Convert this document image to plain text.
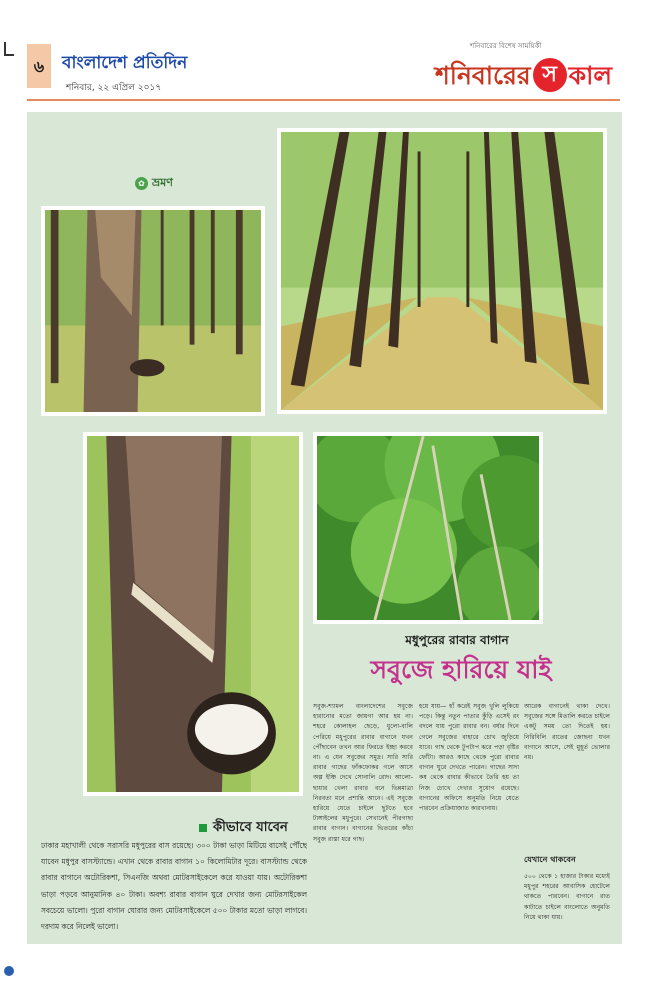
৬	বাংলাদেশ প্রতিদিন
শনিবার, ২২ এপ্রিল ২০১৭
শনিবারের বিশেষ সাময়িকী
শনিবারের স কাল
✿ ভ্রমণ
মধুপুরের রাবার বাগান
সবুজে হারিয়ে যাই
সবুজ-শ্যামল বাংলাদেশের সবুজে হারানোর মতো জায়গা আর হয় না। শহরে কোলাহল ছেড়ে, ধুলো-বালি পেরিয়ে মধুপুরের রাবার বাগানে যখন পৌঁছাবেন তখন আর ফিরতে ইচ্ছা করবে না। এ যেন সবুজের সমুদ্র। সারি সারি রাবার গাছের ফাঁকফোকর গলে আসে অল্প ইঞ্চি দেখে সোনালি রোদ। আলো-ছায়ার খেলা রাবার বনে ভিন্নমাত্রা নিরবতা মনে প্রশান্তি আনে। এই সবুজে হারিয়ে যেতে চাইলে ছুটতে হবে টাঙ্গাইলের মধুপুরে। সেখানেই পীরগাছা রাবার বাগান। বাগানের ভিতরের কাঁচা সবুজ রাস্তা ধরে গাছ।
হয়ে যায়— হাঁ করেই সবুজ খুলি লুকিয়ে পড়ে। কিন্তু নতুন পাতার কুঁড়ি এসেই রং বদলে যায় পুরো রাবার বন। বর্ষার দিনে গেলে সবুজের বাহারে চোখ জুড়িয়ে যাবে। গাছ থেকে টুপটাপ ঝরে পড়া বৃষ্টির ফোঁটা। আরও কাছে থেকে পুরো রাবার বাগান ঘুরে দেখতে পারেন। গাছের সাদা কষ থেকে রাবার কীভাবে তৈরি হয় তা নিজ চোখে দেখার সুযোগ রয়েছে। বাগানের অফিসে অনুমতি নিয়ে যেতে পারবেন প্রক্রিয়াজাত কারখানায়।
আরেক বাগানেই থাকা দেখে। সবুজের সঙ্গে মিতালি করতে চাইলে একটু সময় তো দিতেই হয়। নিরিবিলি রাতের জোছনা যখন বাগানে আসে, সেই মুহূর্ত ভোলার নয়।
যেখানে থাকবেন
৫০০ থেকে ১ হাজার টাকার মধ্যেই মধুপুর শহরের আবাসিক হোটেলে থাকতে পারবেন। বাগানে রাত কাটাতে চাইলে বাংলোতে অনুমতি নিয়ে থাকা যায়।
কীভাবে যাবেন
ঢাকার মহাখালী থেকে সরাসরি মধুপুরের বাস রয়েছে। ৩০০ টাকা ভাড়া মিটিয়ে বাসেই পৌঁছে যাবেন মধুপুর বাসস্ট্যান্ডে। এখান থেকে রাবার বাগান ১০ কিলোমিটার দূরে। বাসস্ট্যান্ড থেকে রাবার বাগানে অটোরিকশা, সিএনজি অথবা মোটরসাইকেলে করে যাওয়া যায়। অটোরিকশা ভাড়া পড়বে আনুমানিক ৪০ টাকা। অবশ্য রাবার বাগান ঘুরে দেখার জন্য মোটরসাইকেল সবচেয়ে ভালো। পুরো বাগান ঘোরার জন্য মোটরসাইকেলে ৫০০ টাকার মতো ভাড়া লাগবে। দরদাম করে নিলেই ভালো।
